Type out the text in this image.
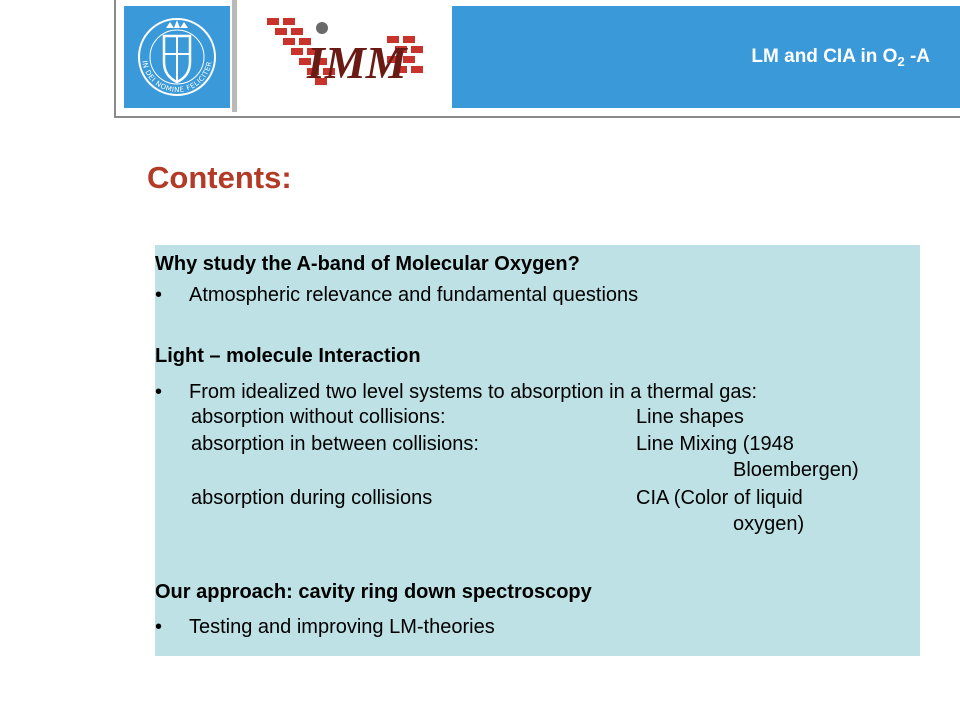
IN DEI NOMINE FELICITER IMM	LM and CIA in $O_2$ -A
Contents:
Why study the A-band of Molecular Oxygen?
• Atmospheric relevance and fundamental questions
Light – molecule Interaction
• From idealized two level systems to absorption in a thermal gas:
absorption without collisions:	Line shapes
absorption in between collisions:	Line Mixing (1948
Bloembergen)
absorption during collisions	CIA (Color of liquid
oxygen)
Our approach: cavity ring down spectroscopy
• Testing and improving LM-theories
